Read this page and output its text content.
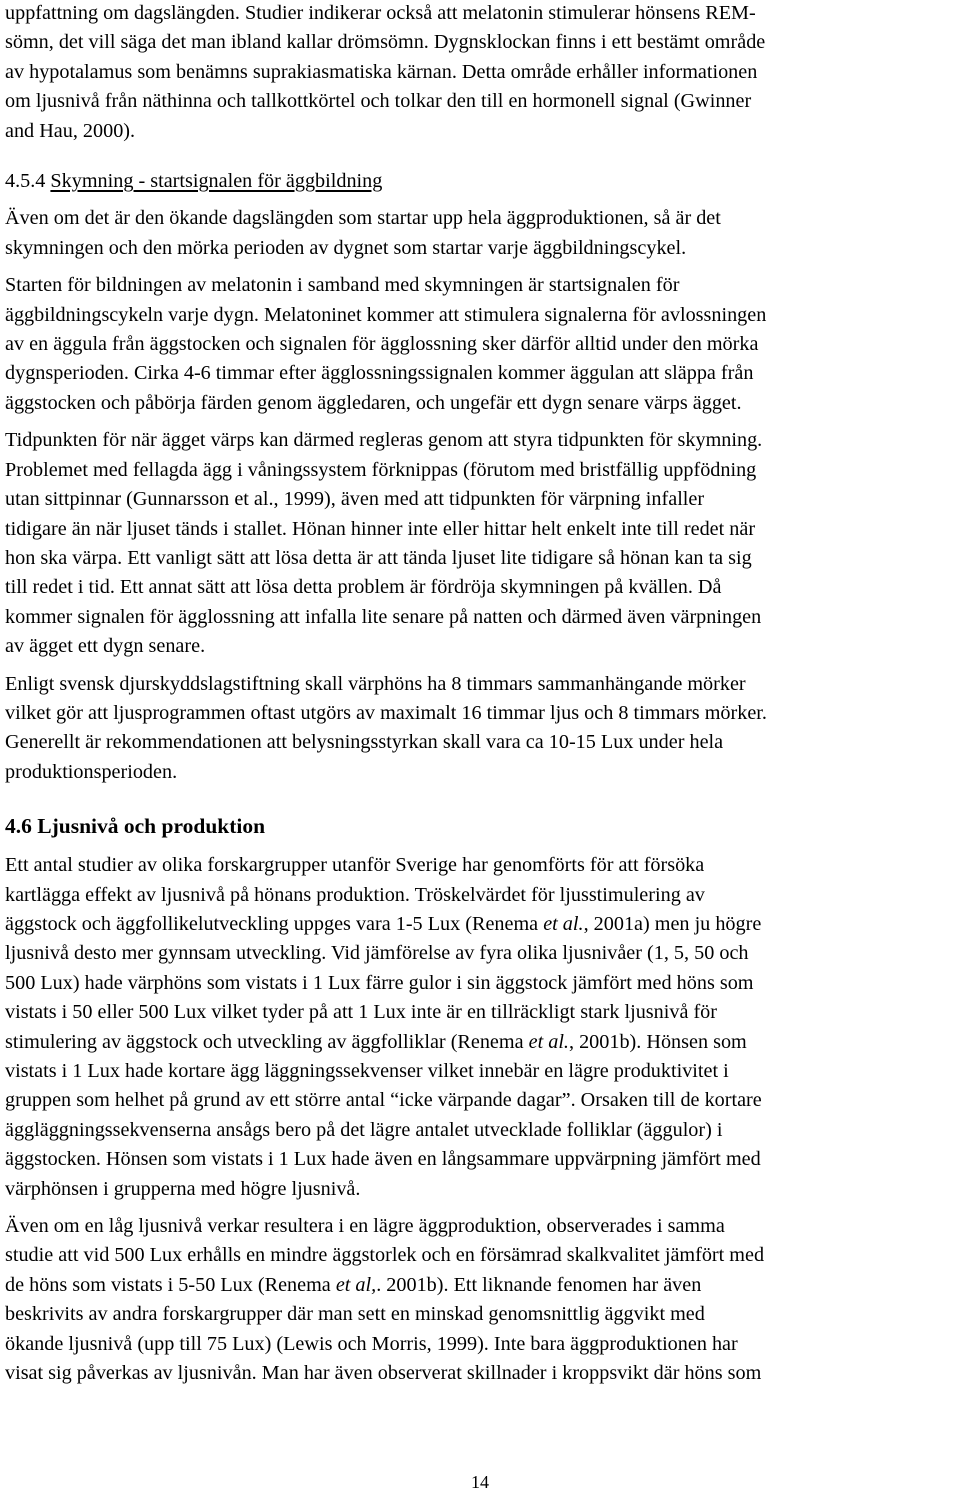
uppfattning om dagslängden. Studier indikerar också att melatonin stimulerar hönsens REM-
sömn, det vill säga det man ibland kallar drömsömn. Dygnsklockan finns i ett bestämt område
av hypotalamus som benämns suprakiasmatiska kärnan. Detta område erhåller informationen
om ljusnivå från näthinna och tallkottkörtel och tolkar den till en hormonell signal (Gwinner
and Hau, 2000).

4.5.4 Skymning - startsignalen för äggbildning

Även om det är den ökande dagslängden som startar upp hela äggproduktionen, så är det
skymningen och den mörka perioden av dygnet som startar varje äggbildningscykel.

Starten för bildningen av melatonin i samband med skymningen är startsignalen för
äggbildningscykeln varje dygn. Melatoninet kommer att stimulera signalerna för avlossningen
av en äggula från äggstocken och signalen för ägglossning sker därför alltid under den mörka
dygnsperioden. Cirka 4-6 timmar efter ägglossningssignalen kommer äggulan att släppa från
äggstocken och påbörja färden genom äggledaren, och ungefär ett dygn senare värps ägget.

Tidpunkten för när ägget värps kan därmed regleras genom att styra tidpunkten för skymning.
Problemet med fellagda ägg i våningssystem förknippas (förutom med bristfällig uppfödning
utan sittpinnar (Gunnarsson et al., 1999), även med att tidpunkten för värpning infaller
tidigare än när ljuset tänds i stallet. Hönan hinner inte eller hittar helt enkelt inte till redet när
hon ska värpa. Ett vanligt sätt att lösa detta är att tända ljuset lite tidigare så hönan kan ta sig
till redet i tid. Ett annat sätt att lösa detta problem är fördröja skymningen på kvällen. Då
kommer signalen för ägglossning att infalla lite senare på natten och därmed även värpningen
av ägget ett dygn senare.

Enligt svensk djurskyddslagstiftning skall värphöns ha 8 timmars sammanhängande mörker
vilket gör att ljusprogrammen oftast utgörs av maximalt 16 timmar ljus och 8 timmars mörker.
Generellt är rekommendationen att belysningsstyrkan skall vara ca 10-15 Lux under hela
produktionsperioden.

4.6 Ljusnivå och produktion

Ett antal studier av olika forskargrupper utanför Sverige har genomförts för att försöka
kartlägga effekt av ljusnivå på hönans produktion. Tröskelvärdet för ljusstimulering av
äggstock och äggfollikelutveckling uppges vara 1-5 Lux (Renema et al., 2001a) men ju högre
ljusnivå desto mer gynnsam utveckling. Vid jämförelse av fyra olika ljusnivåer (1, 5, 50 och
500 Lux) hade värphöns som vistats i 1 Lux färre gulor i sin äggstock jämfört med höns som
vistats i 50 eller 500 Lux vilket tyder på att 1 Lux inte är en tillräckligt stark ljusnivå för
stimulering av äggstock och utveckling av äggfolliklar (Renema et al., 2001b). Hönsen som
vistats i 1 Lux hade kortare ägg läggningssekvenser vilket innebär en lägre produktivitet i
gruppen som helhet på grund av ett större antal “icke värpande dagar”. Orsaken till de kortare
äggläggningssekvenserna ansågs bero på det lägre antalet utvecklade folliklar (äggulor) i
äggstocken. Hönsen som vistats i 1 Lux hade även en långsammare uppvärpning jämfört med
värphönsen i grupperna med högre ljusnivå.

Även om en låg ljusnivå verkar resultera i en lägre äggproduktion, observerades i samma
studie att vid 500 Lux erhålls en mindre äggstorlek och en försämrad skalkvalitet jämfört med
de höns som vistats i 5-50 Lux (Renema et al,. 2001b). Ett liknande fenomen har även
beskrivits av andra forskargrupper där man sett en minskad genomsnittlig äggvikt med
ökande ljusnivå (upp till 75 Lux) (Lewis och Morris, 1999). Inte bara äggproduktionen har
visat sig påverkas av ljusnivån. Man har även observerat skillnader i kroppsvikt där höns som

14
